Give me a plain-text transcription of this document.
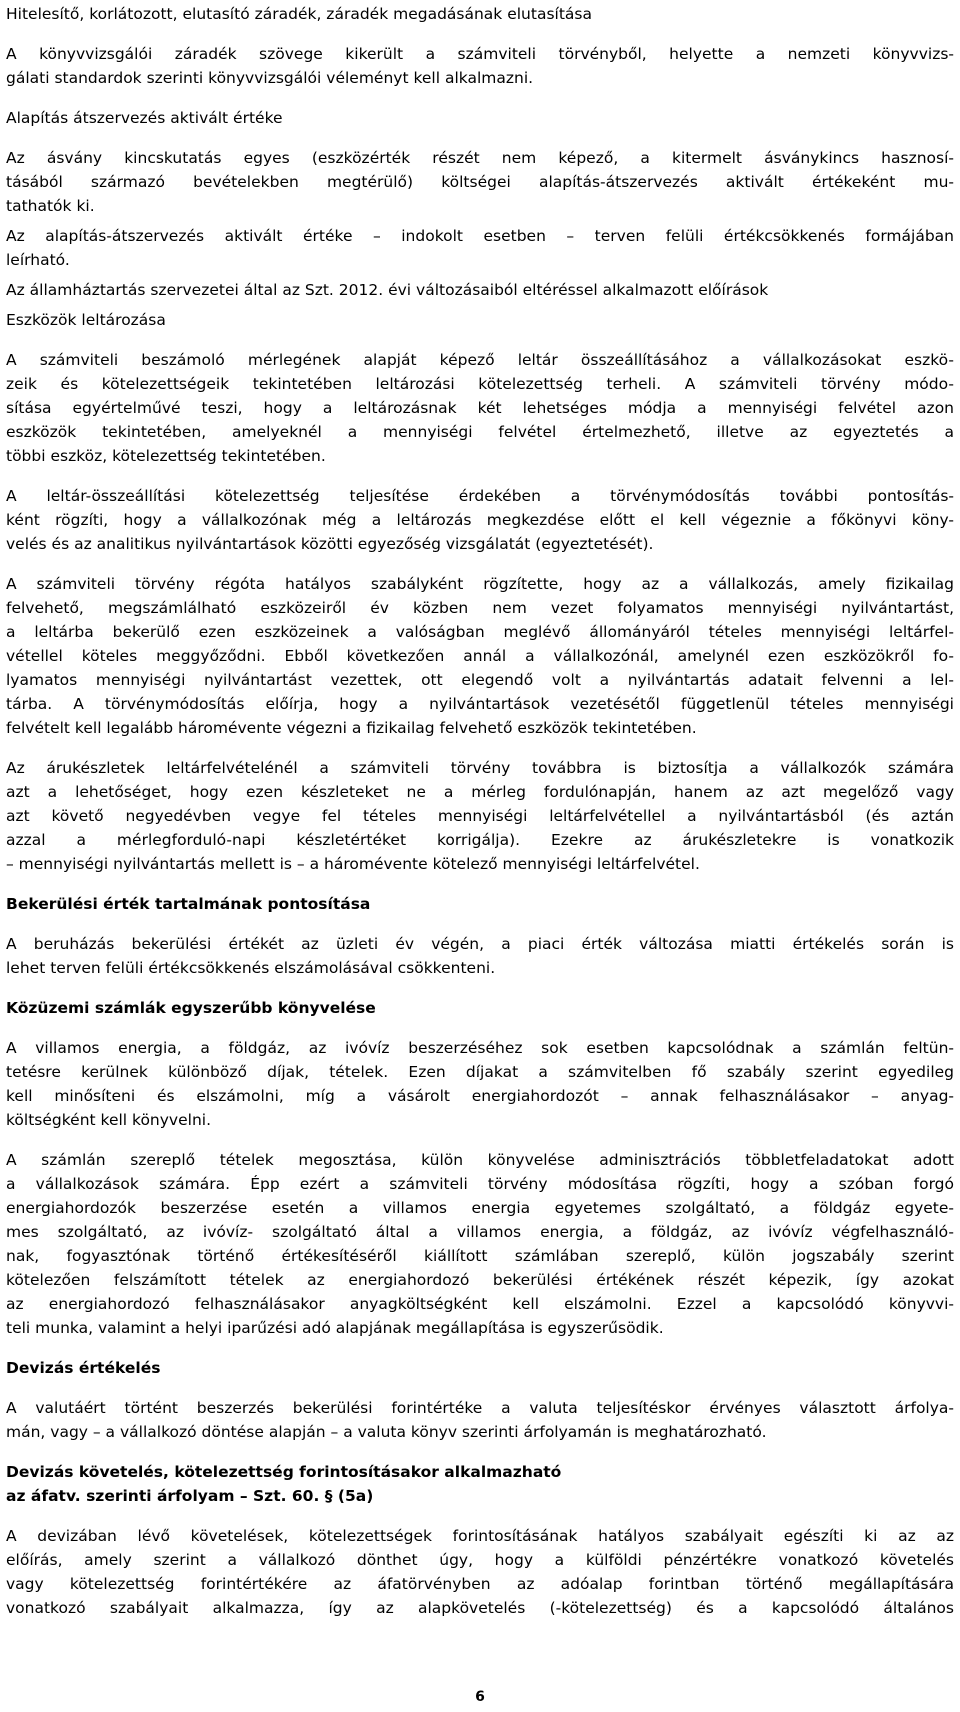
Hitelesítő, korlátozott, elutasító záradék, záradék megadásának elutasítása
A könyvvizsgálói záradék szövege kikerült a számviteli törvényből, helyette a nemzeti könyvvizs-
gálati standardok szerinti könyvvizsgálói véleményt kell alkalmazni.
Alapítás átszervezés aktivált értéke
Az ásvány kincskutatás egyes (eszközérték részét nem képező, a kitermelt ásványkincs hasznosí-
tásából származó bevételekben megtérülő) költségei alapítás-átszervezés aktivált értékeként mu-
tathatók ki.
Az alapítás-átszervezés aktivált értéke – indokolt esetben – terven felüli értékcsökkenés formájában
leírható.
Az államháztartás szervezetei által az Szt. 2012. évi változásaiból eltéréssel alkalmazott előírások
Eszközök leltározása
A számviteli beszámoló mérlegének alapját képező leltár összeállításához a vállalkozásokat eszkö-
zeik és kötelezettségeik tekintetében leltározási kötelezettség terheli. A számviteli törvény módo-
sítása egyértelművé teszi, hogy a leltározásnak két lehetséges módja a mennyiségi felvétel azon
eszközök tekintetében, amelyeknél a mennyiségi felvétel értelmezhető, illetve az egyeztetés a
többi eszköz, kötelezettség tekintetében.
A leltár-összeállítási kötelezettség teljesítése érdekében a törvénymódosítás további pontosítás-
ként rögzíti, hogy a vállalkozónak még a leltározás megkezdése előtt el kell végeznie a főkönyvi köny-
velés és az analitikus nyilvántartások közötti egyezőség vizsgálatát (egyeztetését).
A számviteli törvény régóta hatályos szabályként rögzítette, hogy az a vállalkozás, amely fizikailag
felvehető, megszámlálható eszközeiről év közben nem vezet folyamatos mennyiségi nyilvántartást,
a leltárba bekerülő ezen eszközeinek a valóságban meglévő állományáról tételes mennyiségi leltárfel-
vétellel köteles meggyőződni. Ebből következően annál a vállalkozónál, amelynél ezen eszközökről fo-
lyamatos mennyiségi nyilvántartást vezettek, ott elegendő volt a nyilvántartás adatait felvenni a lel-
tárba. A törvénymódosítás előírja, hogy a nyilvántartások vezetésétől függetlenül tételes mennyiségi
felvételt kell legalább háromévente végezni a fizikailag felvehető eszközök tekintetében.
Az árukészletek leltárfelvételénél a számviteli törvény továbbra is biztosítja a vállalkozók számára
azt a lehetőséget, hogy ezen készleteket ne a mérleg fordulónapján, hanem az azt megelőző vagy
azt követő negyedévben vegye fel tételes mennyiségi leltárfelvétellel a nyilvántartásból (és aztán
azzal a mérlegforduló-napi készletértéket korrigálja). Ezekre az árukészletekre is vonatkozik
– mennyiségi nyilvántartás mellett is – a háromévente kötelező mennyiségi leltárfelvétel.
Bekerülési érték tartalmának pontosítása
A beruházás bekerülési értékét az üzleti év végén, a piaci érték változása miatti értékelés során is
lehet terven felüli értékcsökkenés elszámolásával csökkenteni.
Közüzemi számlák egyszerűbb könyvelése
A villamos energia, a földgáz, az ivóvíz beszerzéséhez sok esetben kapcsolódnak a számlán feltün-
tetésre kerülnek különböző díjak, tételek. Ezen díjakat a számvitelben fő szabály szerint egyedileg
kell minősíteni és elszámolni, míg a vásárolt energiahordozót – annak felhasználásakor – anyag-
költségként kell könyvelni.
A számlán szereplő tételek megosztása, külön könyvelése adminisztrációs többletfeladatokat adott
a vállalkozások számára. Épp ezért a számviteli törvény módosítása rögzíti, hogy a szóban forgó
energiahordozók beszerzése esetén a villamos energia egyetemes szolgáltató, a földgáz egyete-
mes szolgáltató, az ivóvíz- szolgáltató által a villamos energia, a földgáz, az ivóvíz végfelhasználó-
nak, fogyasztónak történő értékesítéséről kiállított számlában szereplő, külön jogszabály szerint
kötelezően felszámított tételek az energiahordozó bekerülési értékének részét képezik, így azokat
az energiahordozó felhasználásakor anyagköltségként kell elszámolni. Ezzel a kapcsolódó könyvvi-
teli munka, valamint a helyi iparűzési adó alapjának megállapítása is egyszerűsödik.
Devizás értékelés
A valutáért történt beszerzés bekerülési forintértéke a valuta teljesítéskor érvényes választott árfolya-
mán, vagy – a vállalkozó döntése alapján – a valuta könyv szerinti árfolyamán is meghatározható.
Devizás követelés, kötelezettség forintosításakor alkalmazható
az áfatv. szerinti árfolyam – Szt. 60. § (5a)
A devizában lévő követelések, kötelezettségek forintosításának hatályos szabályait egészíti ki az az
előírás, amely szerint a vállalkozó dönthet úgy, hogy a külföldi pénzértékre vonatkozó követelés
vagy kötelezettség forintértékére az áfatörvényben az adóalap forintban történő megállapítására
vonatkozó szabályait alkalmazza, így az alapkövetelés (-kötelezettség) és a kapcsolódó általános
6
